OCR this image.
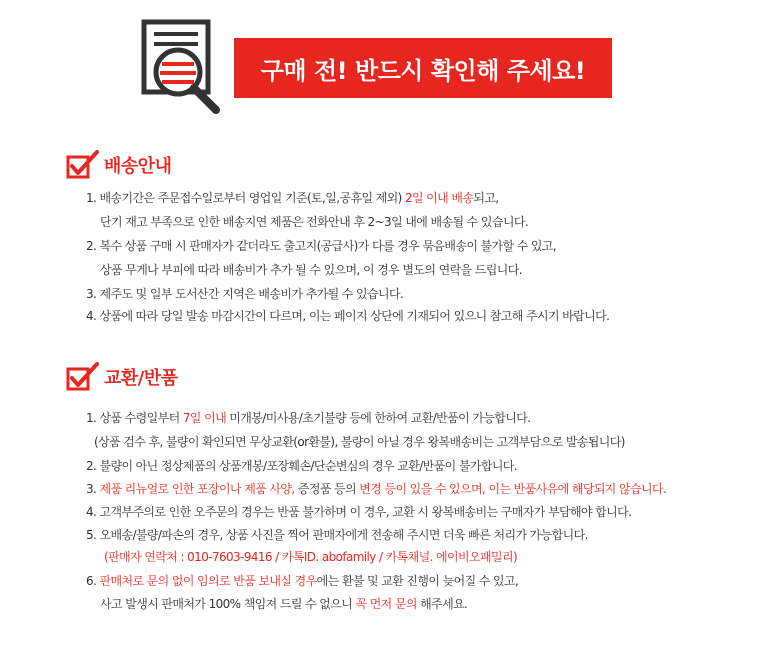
구매 전! 반드시 확인해 주세요!
배송안내
1. 배송기간은 주문접수일로부터 영업일 기준(토,일,공휴일 제외) 2일 이내 배송되고,
단기 재고 부족으로 인한 배송지연 제품은 전화안내 후 2~3일 내에 배송될 수 있습니다.
2. 복수 상품 구매 시 판매자가 같더라도 출고지(공급사)가 다를 경우 묶음배송이 불가할 수 있고,
상품 무게나 부피에 따라 배송비가 추가 될 수 있으며, 이 경우 별도의 연락을 드립니다.
3. 제주도 및 일부 도서산간 지역은 배송비가 추가될 수 있습니다.
4. 상품에 따라 당일 발송 마감시간이 다르며, 이는 페이지 상단에 기재되어 있으니 참고해 주시기 바랍니다.
교환/반품
1. 상품 수령일부터 7일 이내 미개봉/미사용/초기불량 등에 한하여 교환/반품이 가능합니다.
(상품 검수 후, 불량이 확인되면 무상교환(or환불), 불량이 아닐 경우 왕복배송비는 고객부담으로 발송됩니다)
2. 불량이 아닌 정상제품의 상품개봉/포장훼손/단순변심의 경우 교환/반품이 불가합니다.
3. 제품 리뉴얼로 인한 포장이나 제품 사양, 증정품 등의 변경 등이 있을 수 있으며, 이는 반품사유에 해당되지 않습니다.
4. 고객부주의로 인한 오주문의 경우는 반품 불가하며 이 경우, 교환 시 왕복배송비는 구매자가 부담해야 합니다.
5. 오배송/불량/파손의 경우, 상품 사진을 찍어 판매자에게 전송해 주시면 더욱 빠른 처리가 가능합니다.
(판매자 연락처 : 010-7603-9416 / 카톡ID. abofamily / 카톡채널. 에이비오패밀리)
6. 판매처로 문의 없이 임의로 반품 보내실 경우에는 환불 및 교환 진행이 늦어질 수 있고,
사고 발생시 판매처가 100% 책임져 드릴 수 없으니 꼭 먼저 문의 해주세요.
